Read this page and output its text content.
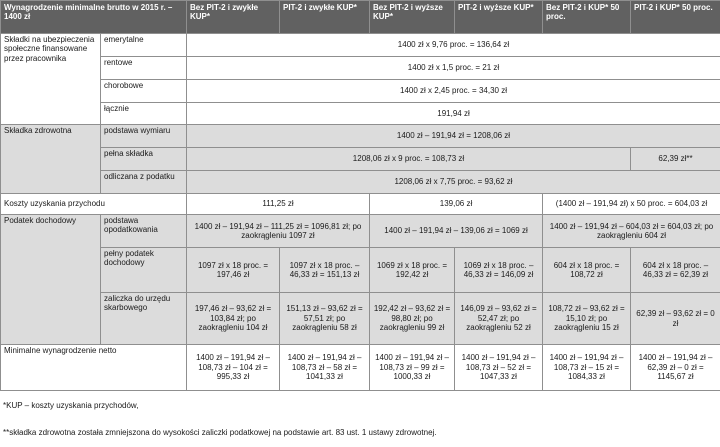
Wynagrodzenie minimalne brutto w 2015 r. – 1400 zł		Bez PIT-2 i zwykłe KUP*	PIT-2 i zwykłe KUP*	Bez PIT-2 i wyższe KUP*	PIT-2 i wyższe KUP*	Bez PIT-2 i KUP* 50 proc.	PIT-2 i KUP* 50 proc.
Składki na ubezpieczenia społeczne finansowane przez pracownika	emerytalne	1400 zł x 9,76 proc. = 136,64 zł					
	rentowe	1400 zł x 1,5 proc. = 21 zł					
	chorobowe	1400 zł x 2,45 proc. = 34,30 zł					
	łącznie	191,94 zł					
Składka zdrowotna	podstawa wymiaru	1400 zł – 191,94 zł = 1208,06 zł					
	pełna składka	1208,06 zł x 9 proc. = 108,73 zł					62,39 zł**
	odliczana z podatku	1208,06 zł x 7,75 proc. = 93,62 zł					
Koszty uzyskania przychodu		111,25 zł		139,06 zł		(1400 zł – 191,94 zł) x 50 proc. = 604,03 zł	
Podatek dochodowy	podstawa opodatkowania	1400 zł – 191,94 zł – 111,25 zł = 1096,81 zł; po zaokrągleniu 1097 zł		1400 zł – 191,94 zł – 139,06 zł = 1069 zł		1400 zł – 191,94 zł – 604,03 zł = 604,03 zł; po zaokrągleniu 604 zł	
	pełny podatek dochodowy	1097 zł x 18 proc. = 197,46 zł	1097 zł x 18 proc. – 46,33 zł = 151,13 zł	1069 zł x 18 proc. = 192,42 zł	1069 zł x 18 proc. – 46,33 zł = 146,09 zł	604 zł x 18 proc. = 108,72 zł	604 zł x 18 proc. – 46,33 zł = 62,39 zł
	zaliczka do urzędu skarbowego	197,46 zł – 93,62 zł = 103,84 zł; po zaokrągleniu 104 zł	151,13 zł – 93,62 zł = 57,51 zł; po zaokrągleniu 58 zł	192,42 zł – 93,62 zł = 98,80 zł; po zaokrągleniu 99 zł	146,09 zł – 93,62 zł = 52,47 zł; po zaokrągleniu 52 zł	108,72 zł – 93,62 zł = 15,10 zł; po zaokrągleniu 15 zł	62,39 zł – 93,62 zł = 0 zł
Minimalne wynagrodzenie netto		1400 zł – 191,94 zł – 108,73 zł – 104 zł = 995,33 zł	1400 zł – 191,94 zł – 108,73 zł – 58 zł = 1041,33 zł	1400 zł – 191,94 zł – 108,73 zł – 99 zł = 1000,33 zł	1400 zł – 191,94 zł – 108,73 zł – 52 zł = 1047,33 zł	1400 zł – 191,94 zł – 108,73 zł – 15 zł = 1084,33 zł	1400 zł – 191,94 zł – 62,39 zł – 0 zł = 1145,67 zł
*KUP – koszty uzyskania przychodów,
**składka zdrowotna została zmniejszona do wysokości zaliczki podatkowej na podstawie art. 83 ust. 1 ustawy zdrowotnej.
